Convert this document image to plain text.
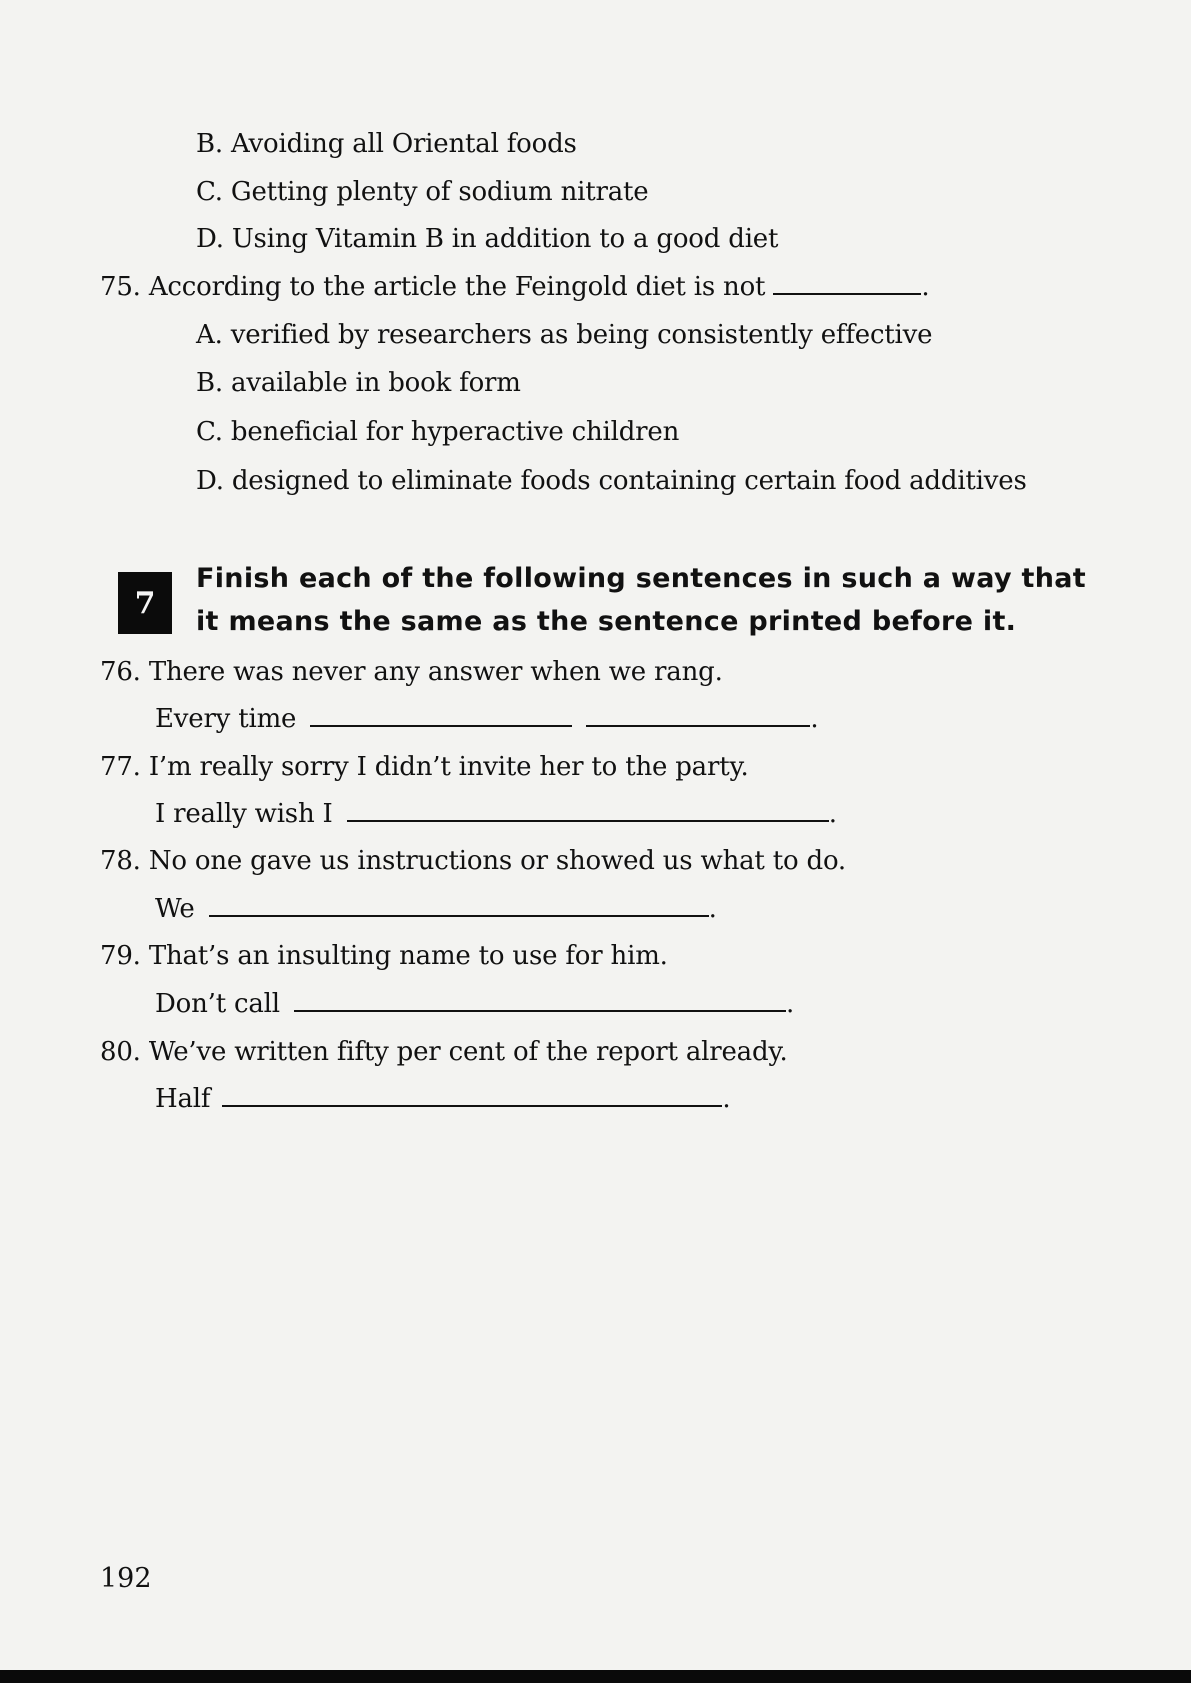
B. Avoiding all Oriental foods
C. Getting plenty of sodium nitrate
D. Using Vitamin B in addition to a good diet
75. According to the article the Feingold diet is not	.
A. verified by researchers as being consistently effective
B. available in book form
C. beneficial for hyperactive children
D. designed to eliminate foods containing certain food additives
7
Finish each of the following sentences in such a way that
it means the same as the sentence printed before it.
76. There was never any answer when we rang.
Every time	.
77. I’m really sorry I didn’t invite her to the party.
I really wish I	.
78. No one gave us instructions or showed us what to do.
We	.
79. That’s an insulting name to use for him.
Don’t call	.
80. We’ve written fifty per cent of the report already.
Half	.
192
